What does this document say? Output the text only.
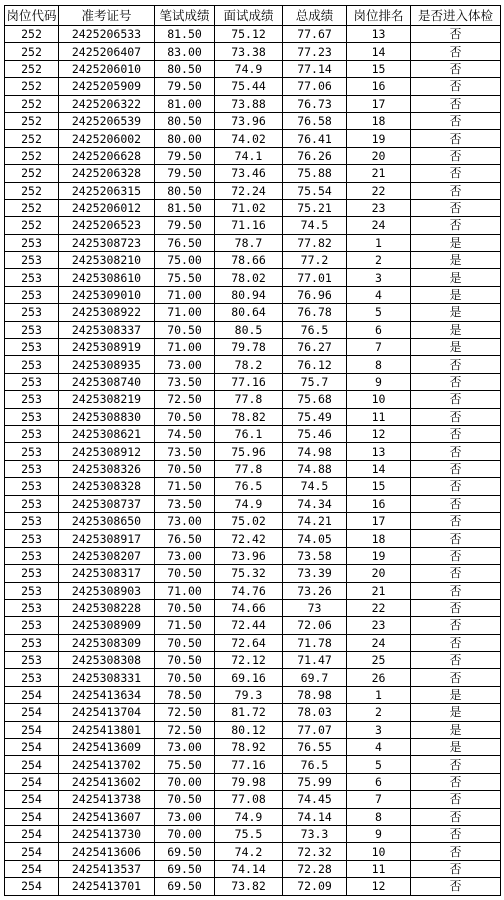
岗位代码	准考证号	笔试成绩	面试成绩	总成绩	岗位排名	是否进入体检
252	2425206533	81.50	75.12	77.67	13	否
252	2425206407	83.00	73.38	77.23	14	否
252	2425206010	80.50	74.9	77.14	15	否
252	2425205909	79.50	75.44	77.06	16	否
252	2425206322	81.00	73.88	76.73	17	否
252	2425206539	80.50	73.96	76.58	18	否
252	2425206002	80.00	74.02	76.41	19	否
252	2425206628	79.50	74.1	76.26	20	否
252	2425206328	79.50	73.46	75.88	21	否
252	2425206315	80.50	72.24	75.54	22	否
252	2425206012	81.50	71.02	75.21	23	否
252	2425206523	79.50	71.16	74.5	24	否
253	2425308723	76.50	78.7	77.82	1	是
253	2425308210	75.00	78.66	77.2	2	是
253	2425308610	75.50	78.02	77.01	3	是
253	2425309010	71.00	80.94	76.96	4	是
253	2425308922	71.00	80.64	76.78	5	是
253	2425308337	70.50	80.5	76.5	6	是
253	2425308919	71.00	79.78	76.27	7	是
253	2425308935	73.00	78.2	76.12	8	否
253	2425308740	73.50	77.16	75.7	9	否
253	2425308219	72.50	77.8	75.68	10	否
253	2425308830	70.50	78.82	75.49	11	否
253	2425308621	74.50	76.1	75.46	12	否
253	2425308912	73.50	75.96	74.98	13	否
253	2425308326	70.50	77.8	74.88	14	否
253	2425308328	71.50	76.5	74.5	15	否
253	2425308737	73.50	74.9	74.34	16	否
253	2425308650	73.00	75.02	74.21	17	否
253	2425308917	76.50	72.42	74.05	18	否
253	2425308207	73.00	73.96	73.58	19	否
253	2425308317	70.50	75.32	73.39	20	否
253	2425308903	71.00	74.76	73.26	21	否
253	2425308228	70.50	74.66	73	22	否
253	2425308909	71.50	72.44	72.06	23	否
253	2425308309	70.50	72.64	71.78	24	否
253	2425308308	70.50	72.12	71.47	25	否
253	2425308331	70.50	69.16	69.7	26	否
254	2425413634	78.50	79.3	78.98	1	是
254	2425413704	72.50	81.72	78.03	2	是
254	2425413801	72.50	80.12	77.07	3	是
254	2425413609	73.00	78.92	76.55	4	是
254	2425413702	75.50	77.16	76.5	5	否
254	2425413602	70.00	79.98	75.99	6	否
254	2425413738	70.50	77.08	74.45	7	否
254	2425413607	73.00	74.9	74.14	8	否
254	2425413730	70.00	75.5	73.3	9	否
254	2425413606	69.50	74.2	72.32	10	否
254	2425413537	69.50	74.14	72.28	11	否
254	2425413701	69.50	73.82	72.09	12	否
